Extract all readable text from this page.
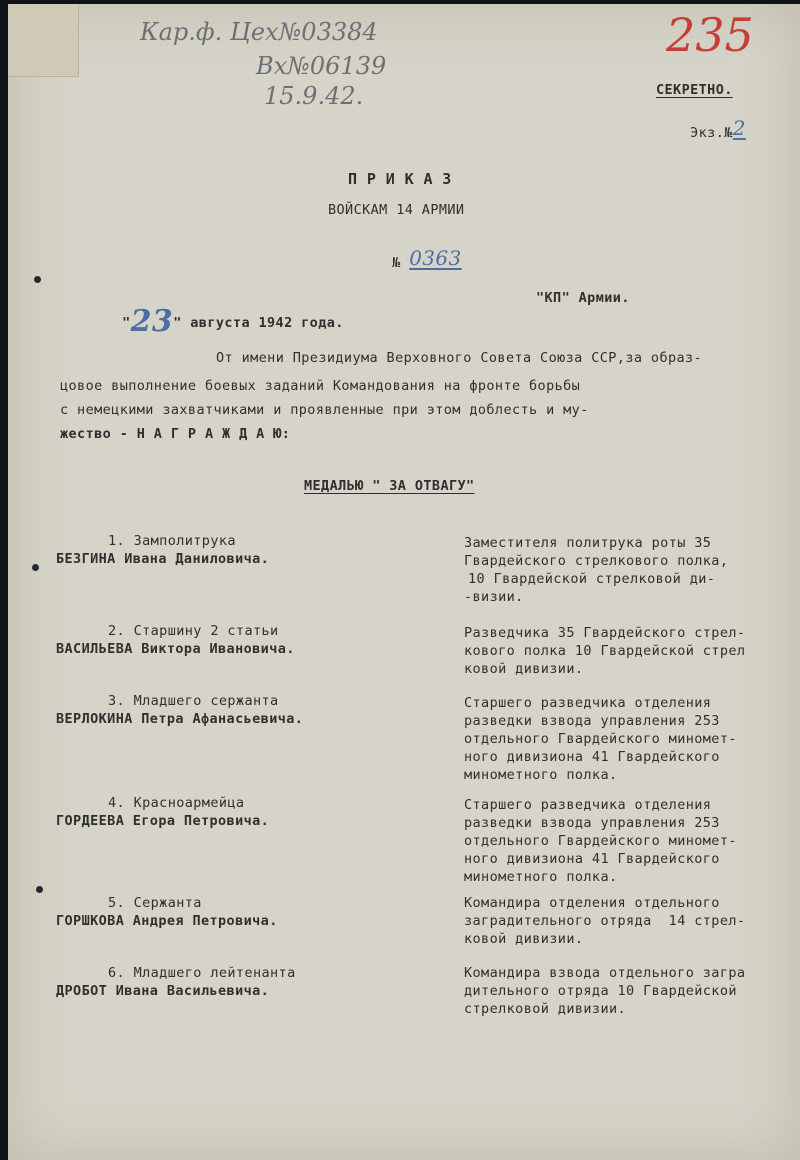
Кар.ф. Цех№03384
Вх№06139
15.9.42.
235
СЕКРЕТНО.

Экз.№2

П Р И К А З
ВОЙСКАМ 14 АРМИИ

№ 0363

"23" августа 1942 года.

"КП" Армии.
От имени Президиума Верховного Совета Союза ССР,за образ-
цовое выполнение боевых заданий Командования на фронте борьбы
с немецкими захватчиками и проявленные при этом доблесть и му-
жество - Н А Г Р А Ж Д А Ю:
МЕДАЛЬЮ " ЗА ОТВАГУ"
1. Замполитрука
БЕЗГИНА Ивана Даниловича.
Заместителя политрука роты 35
Гвардейского стрелкового полка,
10 Гвардейской стрелковой ди-
-визии.
2. Старшину 2 статьи
ВАСИЛЬЕВА Виктора Ивановича.
Разведчика 35 Гвардейского стрел-
кового полка 10 Гвардейской стрел
ковой дивизии.
3. Младшего сержанта
ВЕРЛОКИНА Петра Афанасьевича.
Старшего разведчика отделения
разведки взвода управления 253
отдельного Гвардейского миномет-
ного дивизиона 41 Гвардейского
минометного полка.
4. Красноармейца
ГОРДЕЕВА Егора Петровича.
Старшего разведчика отделения
разведки взвода управления 253
отдельного Гвардейского миномет-
ного дивизиона 41 Гвардейского
минометного полка.
5. Сержанта
ГОРШКОВА Андрея Петровича.
Командира отделения отдельного
заградительного отряда  14 стрел-
ковой дивизии.
6. Младшего лейтенанта
ДРОБОТ Ивана Васильевича.
Командира взвода отдельного загра
дительного отряда 10 Гвардейской
стрелковой дивизии.
